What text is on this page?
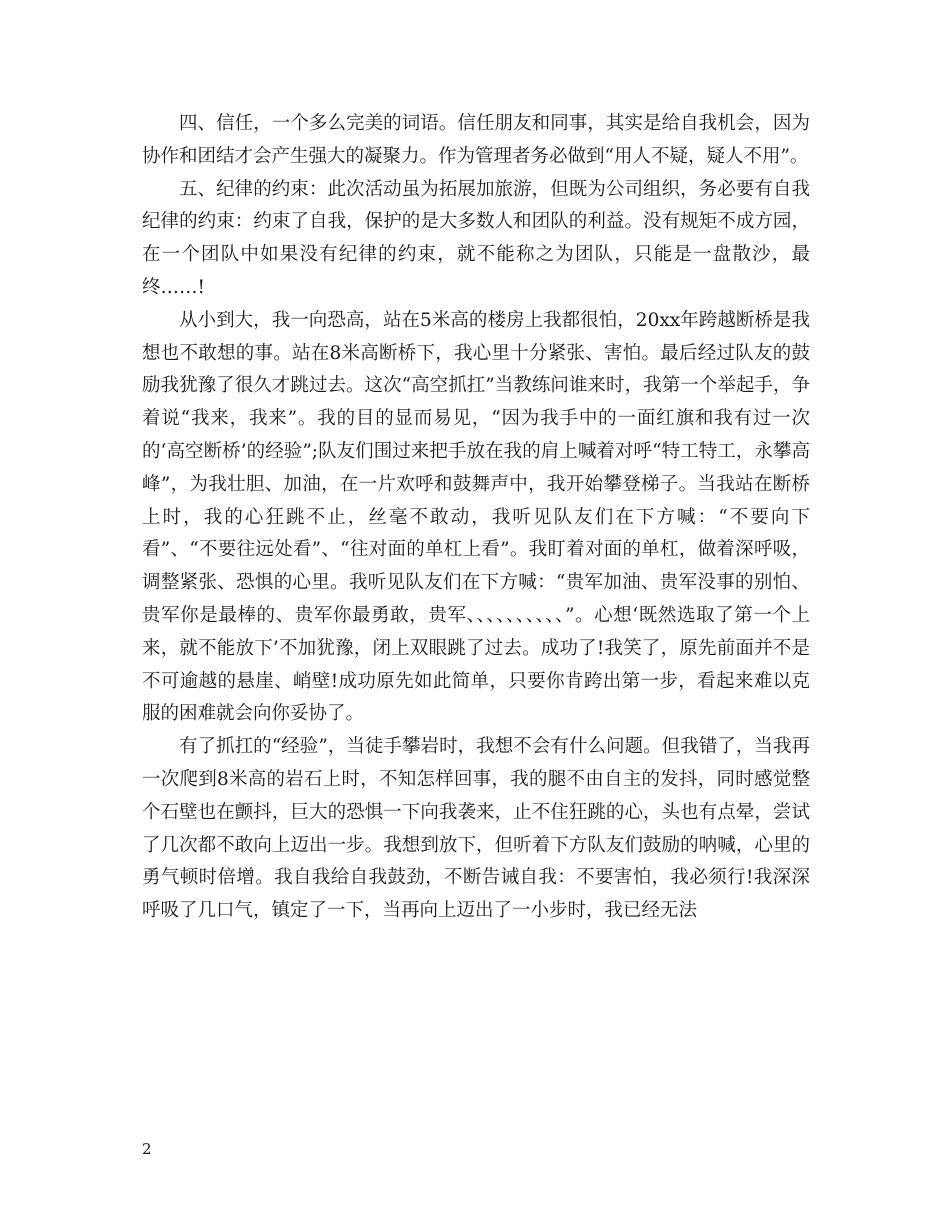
四、信任，一个多么完美的词语。信任朋友和同事，其实是给自我机会，因为协作和团结才会产生强大的凝聚力。作为管理者务必做到“用人不疑，疑人不用”。

五、纪律的约束：此次活动虽为拓展加旅游，但既为公司组织，务必要有自我纪律的约束：约束了自我，保护的是大多数人和团队的利益。没有规矩不成方园，在一个团队中如果没有纪律的约束，就不能称之为团队，只能是一盘散沙，最终……!

从小到大，我一向恐高，站在5米高的楼房上我都很怕，20xx年跨越断桥是我想也不敢想的事。站在8米高断桥下，我心里十分紧张、害怕。最后经过队友的鼓励我犹豫了很久才跳过去。这次“高空抓扛”当教练问谁来时，我第一个举起手，争着说“我来，我来”。我的目的显而易见，“因为我手中的一面红旗和我有过一次的‘高空断桥’的经验”;队友们围过来把手放在我的肩上喊着对呼“特工特工，永攀高峰”，为我壮胆、加油，在一片欢呼和鼓舞声中，我开始攀登梯子。当我站在断桥上时，我的心狂跳不止，丝毫不敢动，我听见队友们在下方喊：“不要向下看”、“不要往远处看”、“往对面的单杠上看”。我盯着对面的单杠，做着深呼吸，调整紧张、恐惧的心里。我听见队友们在下方喊：“贵军加油、贵军没事的别怕、贵军你是最棒的、贵军你最勇敢，贵军、、、、、、、、、、”。心想‘既然选取了第一个上来，就不能放下’不加犹豫，闭上双眼跳了过去。成功了!我笑了，原先前面并不是不可逾越的悬崖、峭壁!成功原先如此简单，只要你肯跨出第一步，看起来难以克服的困难就会向你妥协了。

有了抓扛的“经验”，当徒手攀岩时，我想不会有什么问题。但我错了，当我再一次爬到8米高的岩石上时，不知怎样回事，我的腿不由自主的发抖，同时感觉整个石壁也在颤抖，巨大的恐惧一下向我袭来，止不住狂跳的心，头也有点晕，尝试了几次都不敢向上迈出一步。我想到放下，但听着下方队友们鼓励的呐喊，心里的勇气顿时倍增。我自我给自我鼓劲，不断告诫自我：不要害怕，我必须行!我深深呼吸了几口气，镇定了一下，当再向上迈出了一小步时，我已经无法

2
